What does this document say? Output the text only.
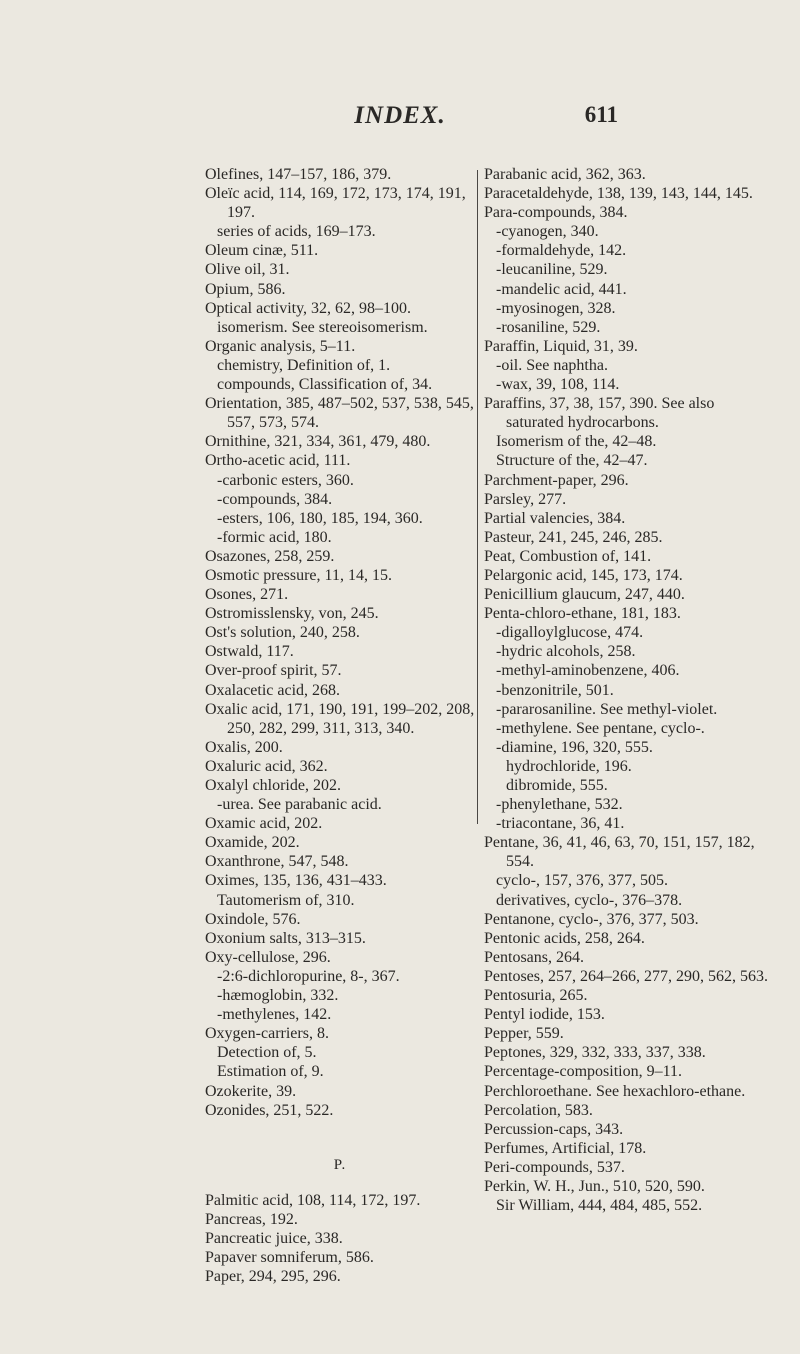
INDEX.	611
Olefines, 147–157, 186, 379.
Oleïc acid, 114, 169, 172, 173, 174, 191, 197.
series of acids, 169–173.
Oleum cinæ, 511.
Olive oil, 31.
Opium, 586.
Optical activity, 32, 62, 98–100.
isomerism. See stereoisomerism.
Organic analysis, 5–11.
chemistry, Definition of, 1.
compounds, Classification of, 34.
Orientation, 385, 487–502, 537, 538, 545, 557, 573, 574.
Ornithine, 321, 334, 361, 479, 480.
Ortho-acetic acid, 111.
-carbonic esters, 360.
-compounds, 384.
-esters, 106, 180, 185, 194, 360.
-formic acid, 180.
Osazones, 258, 259.
Osmotic pressure, 11, 14, 15.
Osones, 271.
Ostromisslensky, von, 245.
Ost's solution, 240, 258.
Ostwald, 117.
Over-proof spirit, 57.
Oxalacetic acid, 268.
Oxalic acid, 171, 190, 191, 199–202, 208, 250, 282, 299, 311, 313, 340.
Oxalis, 200.
Oxaluric acid, 362.
Oxalyl chloride, 202.
-urea. See parabanic acid.
Oxamic acid, 202.
Oxamide, 202.
Oxanthrone, 547, 548.
Oximes, 135, 136, 431–433.
Tautomerism of, 310.
Oxindole, 576.
Oxonium salts, 313–315.
Oxy-cellulose, 296.
-2:6-dichloropurine, 8-, 367.
-hæmoglobin, 332.
-methylenes, 142.
Oxygen-carriers, 8.
Detection of, 5.
Estimation of, 9.
Ozokerite, 39.
Ozonides, 251, 522.
P.
Palmitic acid, 108, 114, 172, 197.
Pancreas, 192.
Pancreatic juice, 338.
Papaver somniferum, 586.
Paper, 294, 295, 296.
Parabanic acid, 362, 363.
Paracetaldehyde, 138, 139, 143, 144, 145.
Para-compounds, 384.
-cyanogen, 340.
-formaldehyde, 142.
-leucaniline, 529.
-mandelic acid, 441.
-myosinogen, 328.
-rosaniline, 529.
Paraffin, Liquid, 31, 39.
-oil. See naphtha.
-wax, 39, 108, 114.
Paraffins, 37, 38, 157, 390. See also saturated hydrocarbons.
Isomerism of the, 42–48.
Structure of the, 42–47.
Parchment-paper, 296.
Parsley, 277.
Partial valencies, 384.
Pasteur, 241, 245, 246, 285.
Peat, Combustion of, 141.
Pelargonic acid, 145, 173, 174.
Penicillium glaucum, 247, 440.
Penta-chloro-ethane, 181, 183.
-digalloylglucose, 474.
-hydric alcohols, 258.
-methyl-aminobenzene, 406.
-benzonitrile, 501.
-pararosaniline. See methyl-violet.
-methylene. See pentane, cyclo-.
-diamine, 196, 320, 555.
hydrochloride, 196.
dibromide, 555.
-phenylethane, 532.
-triacontane, 36, 41.
Pentane, 36, 41, 46, 63, 70, 151, 157, 182, 554.
cyclo-, 157, 376, 377, 505.
derivatives, cyclo-, 376–378.
Pentanone, cyclo-, 376, 377, 503.
Pentonic acids, 258, 264.
Pentosans, 264.
Pentoses, 257, 264–266, 277, 290, 562, 563.
Pentosuria, 265.
Pentyl iodide, 153.
Pepper, 559.
Peptones, 329, 332, 333, 337, 338.
Percentage-composition, 9–11.
Perchloroethane. See hexachloro-ethane.
Percolation, 583.
Percussion-caps, 343.
Perfumes, Artificial, 178.
Peri-compounds, 537.
Perkin, W. H., Jun., 510, 520, 590.
Sir William, 444, 484, 485, 552.
